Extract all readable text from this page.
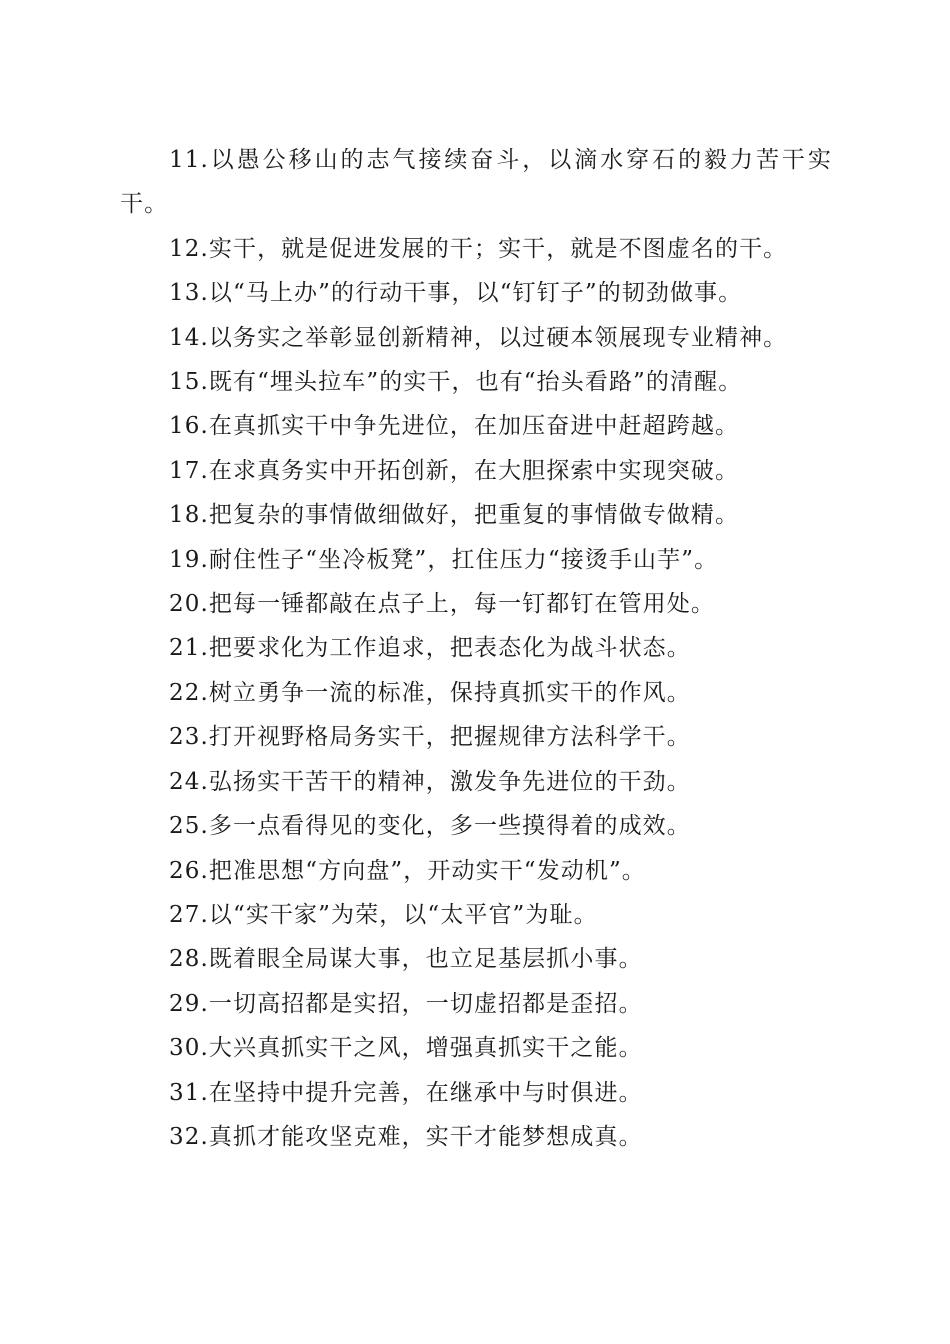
11.以愚公移山的志气接续奋斗，以滴水穿石的毅力苦干实干。

12.实干，就是促进发展的干；实干，就是不图虚名的干。

13.以“马上办”的行动干事，以“钉钉子”的韧劲做事。

14.以务实之举彰显创新精神，以过硬本领展现专业精神。

15.既有“埋头拉车”的实干，也有“抬头看路”的清醒。

16.在真抓实干中争先进位，在加压奋进中赶超跨越。

17.在求真务实中开拓创新，在大胆探索中实现突破。

18.把复杂的事情做细做好，把重复的事情做专做精。

19.耐住性子“坐冷板凳”，扛住压力“接烫手山芋”。

20.把每一锤都敲在点子上，每一钉都钉在管用处。

21.把要求化为工作追求，把表态化为战斗状态。

22.树立勇争一流的标准，保持真抓实干的作风。

23.打开视野格局务实干，把握规律方法科学干。

24.弘扬实干苦干的精神，激发争先进位的干劲。

25.多一点看得见的变化，多一些摸得着的成效。

26.把准思想“方向盘”，开动实干“发动机”。

27.以“实干家”为荣，以“太平官”为耻。

28.既着眼全局谋大事，也立足基层抓小事。

29.一切高招都是实招，一切虚招都是歪招。

30.大兴真抓实干之风，增强真抓实干之能。

31.在坚持中提升完善，在继承中与时俱进。

32.真抓才能攻坚克难，实干才能梦想成真。
